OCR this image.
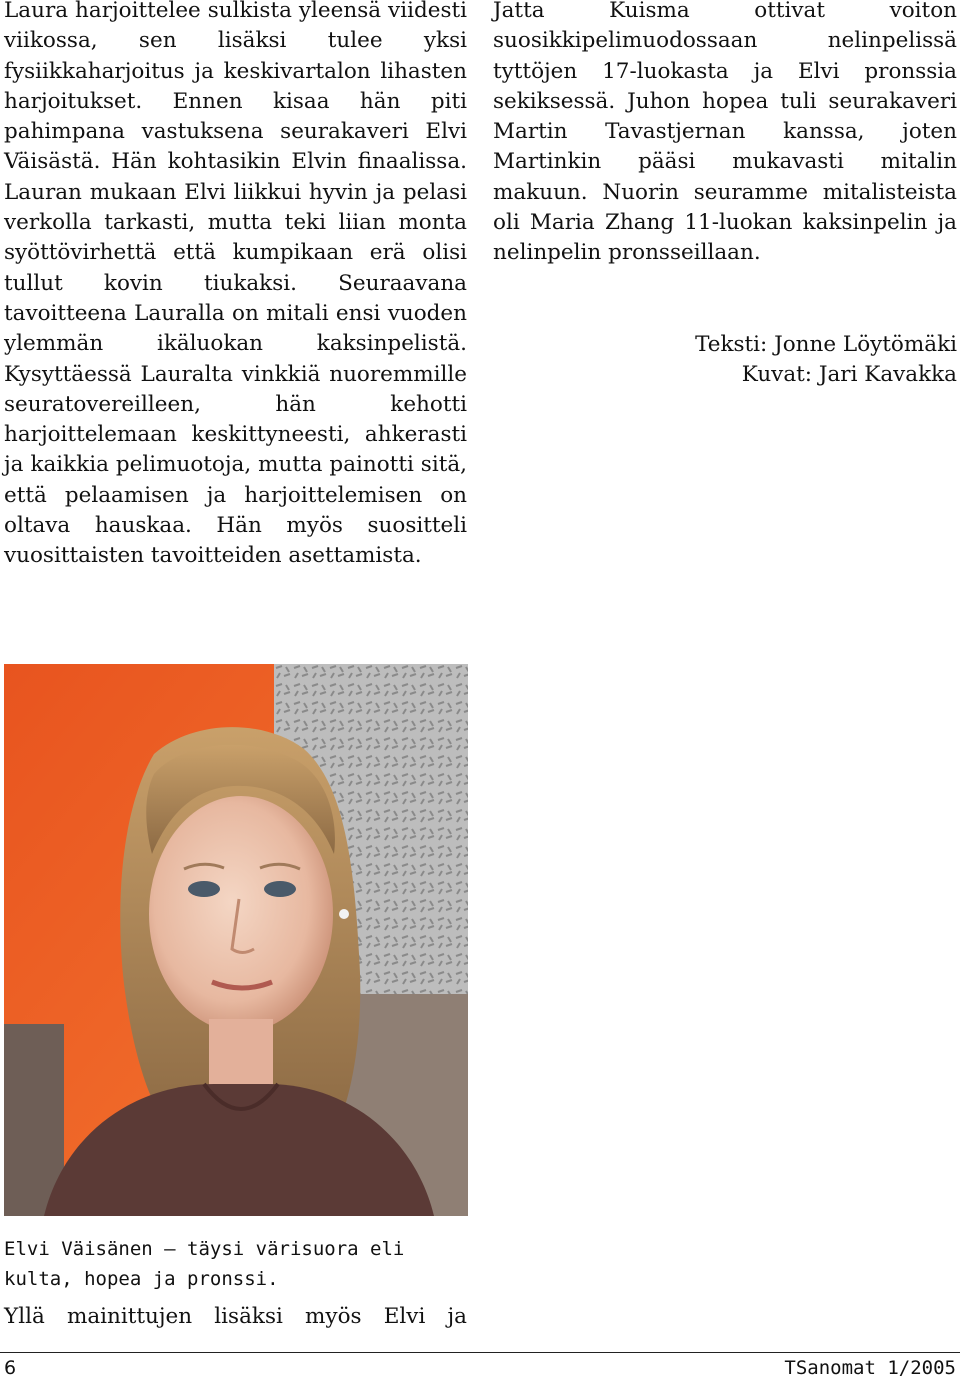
Laura harjoittelee sulkista yleensä viidesti viikossa, sen lisäksi tulee yksi fysiikkaharjoitus ja keskivartalon lihasten harjoitukset. Ennen kisaa hän piti pahimpana vastuksena seurakaveri Elvi Väisästä. Hän kohtasikin Elvin finaalissa. Lauran mukaan Elvi liikkui hyvin ja pelasi verkolla tarkasti, mutta teki liian monta syöttövirhettä että kumpikaan erä olisi tullut kovin tiukaksi. Seuraavana tavoitteena Lauralla on mitali ensi vuoden ylemmän ikäluokan kaksinpelistä. Kysyttäessä Lauralta vinkkiä nuoremmille seuratovereilleen, hän kehotti harjoittelemaan keskittyneesti, ahkerasti ja kaikkia pelimuotoja, mutta painotti sitä, että pelaamisen ja harjoittelemisen on oltava hauskaa. Hän myös suositteli vuosittaisten tavoitteiden asettamista.

Jatta Kuisma ottivat voiton suosikkipelimuodossaan nelinpelissä tyttöjen 17-luokasta ja Elvi pronssia sekiksessä. Juhon hopea tuli seurakaveri Martin Tavastjernan kanssa, joten Martinkin pääsi mukavasti mitalin makuun. Nuorin seuramme mitalisteista oli Maria Zhang 11-luokan kaksinpelin ja nelinpelin pronsseillaan.

Teksti: Jonne Löytömäki
Kuvat: Jari Kavakka
Elvi Väisänen – täysi värisuora eli
kulta, hopea ja pronssi.
Yllä mainittujen lisäksi myös Elvi ja
6	TSanomat 1/2005
